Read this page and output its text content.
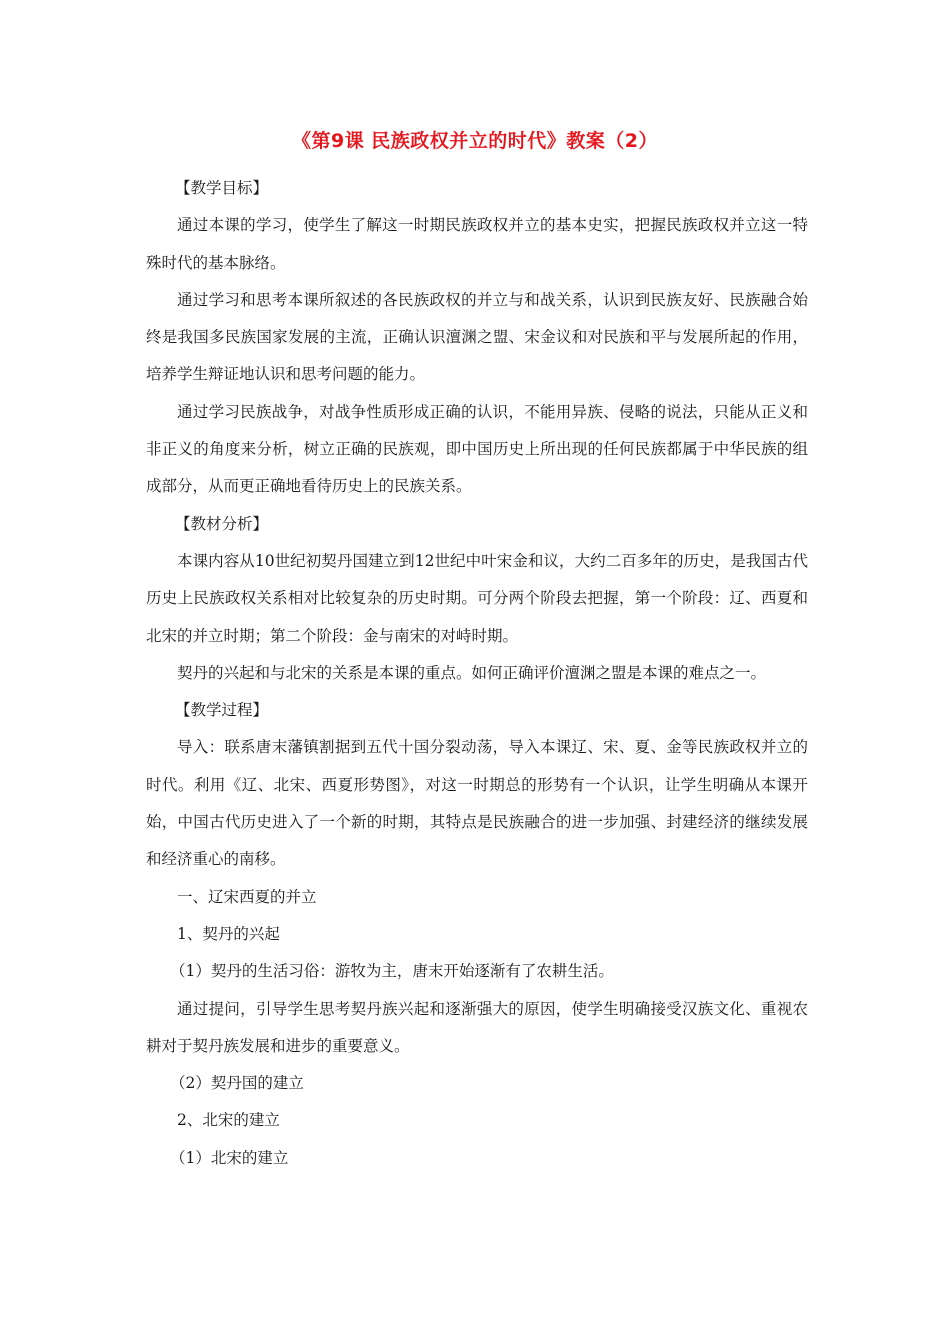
《第9课 民族政权并立的时代》教案（2）

【教学目标】

通过本课的学习，使学生了解这一时期民族政权并立的基本史实，把握民族政权并立这一特殊时代的基本脉络。

通过学习和思考本课所叙述的各民族政权的并立与和战关系，认识到民族友好、民族融合始终是我国多民族国家发展的主流，正确认识澶渊之盟、宋金议和对民族和平与发展所起的作用，培养学生辩证地认识和思考问题的能力。

通过学习民族战争，对战争性质形成正确的认识，不能用异族、侵略的说法，只能从正义和非正义的角度来分析，树立正确的民族观，即中国历史上所出现的任何民族都属于中华民族的组成部分，从而更正确地看待历史上的民族关系。

【教材分析】

本课内容从10世纪初契丹国建立到12世纪中叶宋金和议，大约二百多年的历史，是我国古代历史上民族政权关系相对比较复杂的历史时期。可分两个阶段去把握，第一个阶段：辽、西夏和北宋的并立时期；第二个阶段：金与南宋的对峙时期。

契丹的兴起和与北宋的关系是本课的重点。如何正确评价澶渊之盟是本课的难点之一。

【教学过程】

导入：联系唐末藩镇割据到五代十国分裂动荡，导入本课辽、宋、夏、金等民族政权并立的时代。利用《辽、北宋、西夏形势图》，对这一时期总的形势有一个认识，让学生明确从本课开始，中国古代历史进入了一个新的时期，其特点是民族融合的进一步加强、封建经济的继续发展和经济重心的南移。

一、辽宋西夏的并立

1、契丹的兴起

（1）契丹的生活习俗：游牧为主，唐末开始逐渐有了农耕生活。

通过提问，引导学生思考契丹族兴起和逐渐强大的原因，使学生明确接受汉族文化、重视农耕对于契丹族发展和进步的重要意义。

（2）契丹国的建立

2、北宋的建立

（1）北宋的建立
